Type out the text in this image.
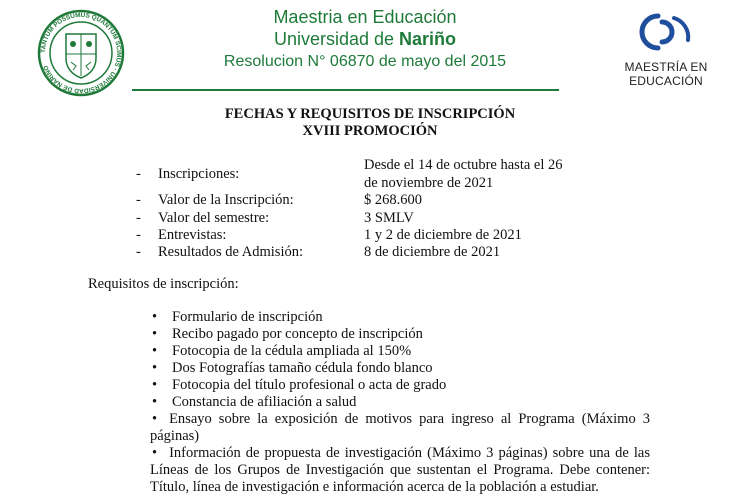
TANTUM POSSUMUS QUANTUM SCIMUS · UNIVERSIDAD DE NARIÑO
Maestria en Educación
Universidad de Nariño
Resolucion N° 06870 de mayo del 2015	MAESTRÍA EN
EDUCACIÓN
FECHAS Y REQUISITOS DE INSCRIPCIÓN
XVIII PROMOCIÓN
- Inscripciones:
Desde el 14 de octubre hasta el 26 de noviembre de 2021
- Valor de la Inscripción:	$ 268.600
- Valor del semestre:	3 SMLV
- Entrevistas:	1 y 2 de diciembre de 2021
- Resultados de Admisión:	8 de diciembre de 2021
Requisitos de inscripción:
• Formulario de inscripción
• Recibo pagado por concepto de inscripción
• Fotocopia de la cédula ampliada al 150%
• Dos Fotografías tamaño cédula fondo blanco
• Fotocopia del título profesional o acta de grado
• Constancia de afiliación a salud
• Ensayo sobre la exposición de motivos para ingreso al Programa (Máximo 3 páginas)
• Información de propuesta de investigación (Máximo 3 páginas) sobre una de las Líneas de los Grupos de Investigación que sustentan el Programa. Debe contener: Título, línea de investigación e información acerca de la población a estudiar.
